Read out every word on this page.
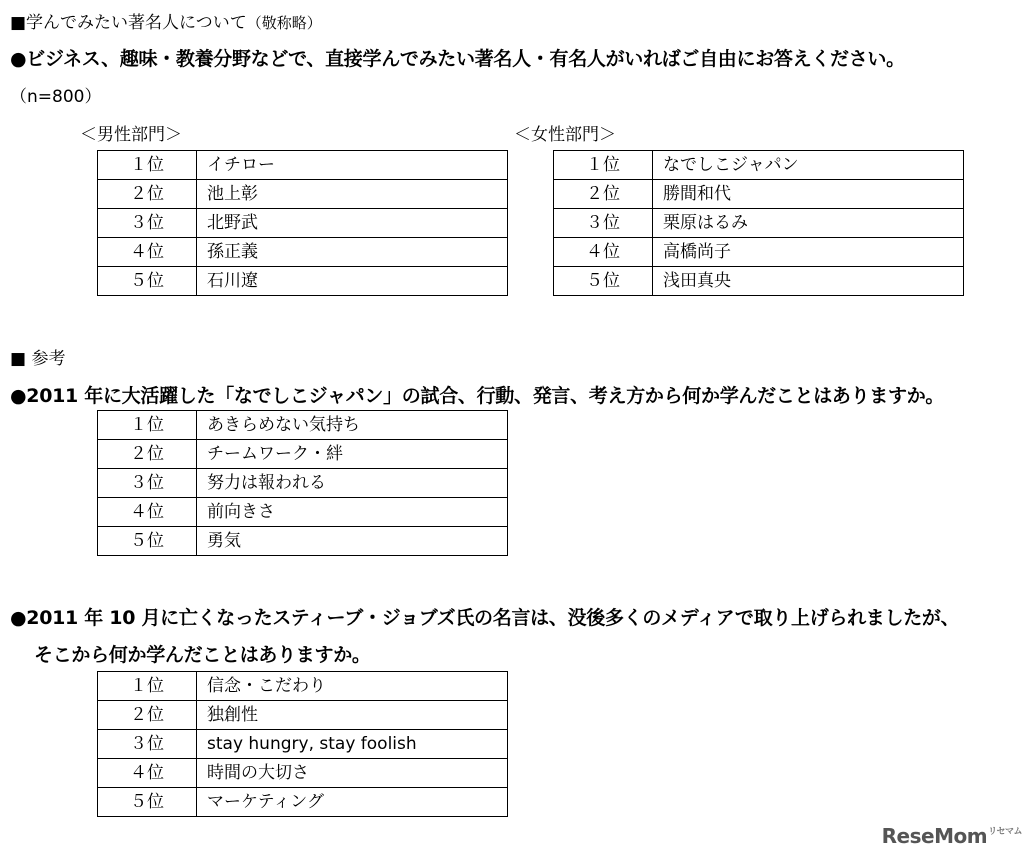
■学んでみたい著名人について（敬称略）
●ビジネス、趣味・教養分野などで、直接学んでみたい著名人・有名人がいればご自由にお答えください。
（n=800）
＜男性部門＞	＜女性部門＞
１位	イチロー
２位	池上彰
３位	北野武
４位	孫正義
５位	石川遼
１位	なでしこジャパン
２位	勝間和代
３位	栗原はるみ
４位	高橋尚子
５位	浅田真央
■ 参考
●2011 年に大活躍した「なでしこジャパン」の試合、行動、発言、考え方から何か学んだことはありますか。
１位	あきらめない気持ち
２位	チームワーク・絆
３位	努力は報われる
４位	前向きさ
５位	勇気
●2011 年 10 月に亡くなったスティーブ・ジョブズ氏の名言は、没後多くのメディアで取り上げられましたが、
そこから何か学んだことはありますか。
１位	信念・こだわり
２位	独創性
３位	stay hungry, stay foolish
４位	時間の大切さ
５位	マーケティング
ReseMom$^{リセマム}$
